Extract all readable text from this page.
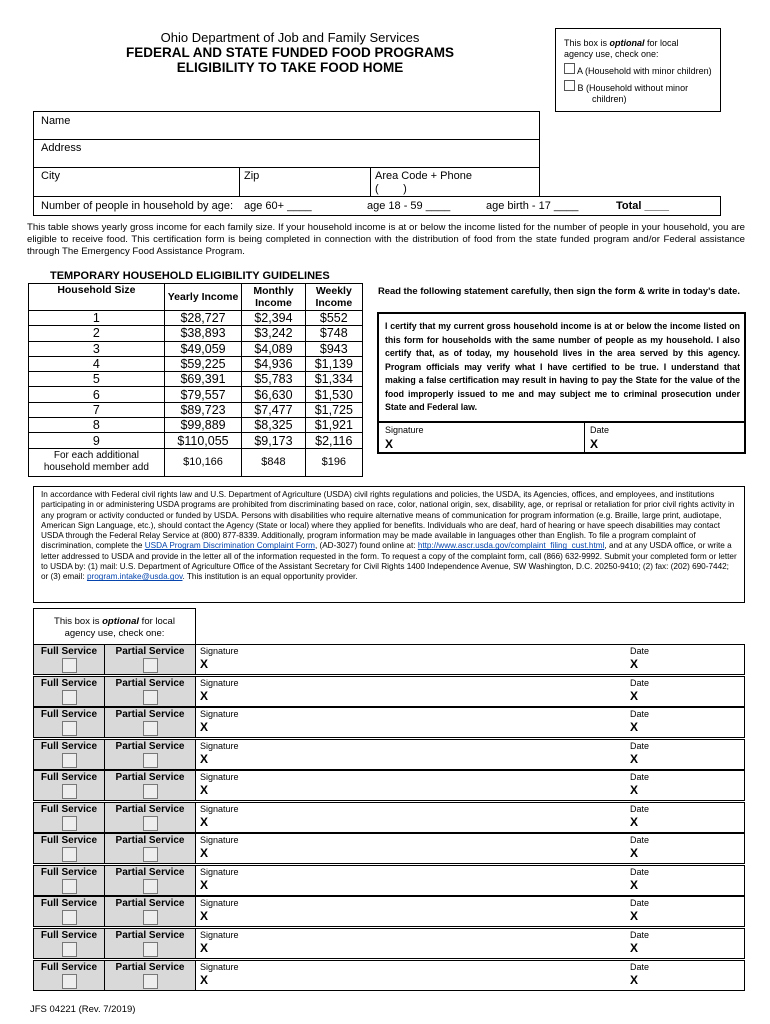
Ohio Department of Job and Family Services
FEDERAL AND STATE FUNDED FOOD PROGRAMS
ELIGIBILITY TO TAKE FOOD HOME
This box is optional for local
agency use, check one:
A (Household with minor children)
B (Household without minor
children)
Name
Address
City	Zip	Area Code + Phone
(        )
Number of people in household by age: age 60+ ____	age 18 - 59 ____	age birth - 17 ____	Total ____
This table shows yearly gross income for each family size. If your household income is at or below the income listed for the number of people in your household, you are eligible to receive food. This certification form is being completed in connection with the distribution of food from the state funded program and/or Federal assistance through The Emergency Food Assistance Program.
TEMPORARY HOUSEHOLD ELIGIBILITY GUIDELINES
Household Size	Yearly Income	Monthly Income	Weekly Income
1	$28,727	$2,394	$552
2	$38,893	$3,242	$748
3	$49,059	$4,089	$943
4	$59,225	$4,936	$1,139
5	$69,391	$5,783	$1,334
6	$79,557	$6,630	$1,530
7	$89,723	$7,477	$1,725
8	$99,889	$8,325	$1,921
9	$110,055	$9,173	$2,116
For each additional household member add	$10,166	$848	$196
Read the following statement carefully, then sign the form & write in today's date.
I certify that my current gross household income is at or below the income listed on this form for households with the same number of people as my household. I also certify that, as of today, my household lives in the area served by this agency. Program officials may verify what I have certified to be true. I understand that making a false certification may result in having to pay the State for the value of the food improperly issued to me and may subject me to criminal prosecution under State and Federal law.
Signature
X
Date
X
In accordance with Federal civil rights law and U.S. Department of Agriculture (USDA) civil rights regulations and policies, the USDA, its Agencies, offices, and employees, and institutions participating in or administering USDA programs are prohibited from discriminating based on race, color, national origin, sex, disability, age, or reprisal or retaliation for prior civil rights activity in any program or activity conducted or funded by USDA. Persons with disabilities who require alternative means of communication for program information (e.g. Braille, large print, audiotape, American Sign Language, etc.), should contact the Agency (State or local) where they applied for benefits. Individuals who are deaf, hard of hearing or have speech disabilities may contact USDA through the Federal Relay Service at (800) 877-8339. Additionally, program information may be made available in languages other than English. To file a program complaint of discrimination, complete the USDA Program Discrimination Complaint Form, (AD-3027) found online at: http://www.ascr.usda.gov/complaint_filing_cust.html, and at any USDA office, or write a letter addressed to USDA and provide in the letter all of the information requested in the form. To request a copy of the complaint form, call (866) 632-9992. Submit your completed form or letter to USDA by: (1) mail: U.S. Department of Agriculture Office of the Assistant Secretary for Civil Rights 1400 Independence Avenue, SW Washington, D.C. 20250-9410; (2) fax: (202) 690-7442; or (3) email: program.intake@usda.gov. This institution is an equal opportunity provider.
This box is optional for local
agency use, check one:
Full Service	Partial Service	Signature
X
Date
X
Full Service	Partial Service	Signature
X
Date
X
Full Service	Partial Service	Signature
X
Date
X
Full Service	Partial Service	Signature
X
Date
X
Full Service	Partial Service	Signature
X
Date
X
Full Service	Partial Service	Signature
X
Date
X
Full Service	Partial Service	Signature
X
Date
X
Full Service	Partial Service	Signature
X
Date
X
Full Service	Partial Service	Signature
X
Date
X
Full Service	Partial Service	Signature
X
Date
X
Full Service	Partial Service	Signature
X
Date
X
JFS 04221 (Rev. 7/2019)
